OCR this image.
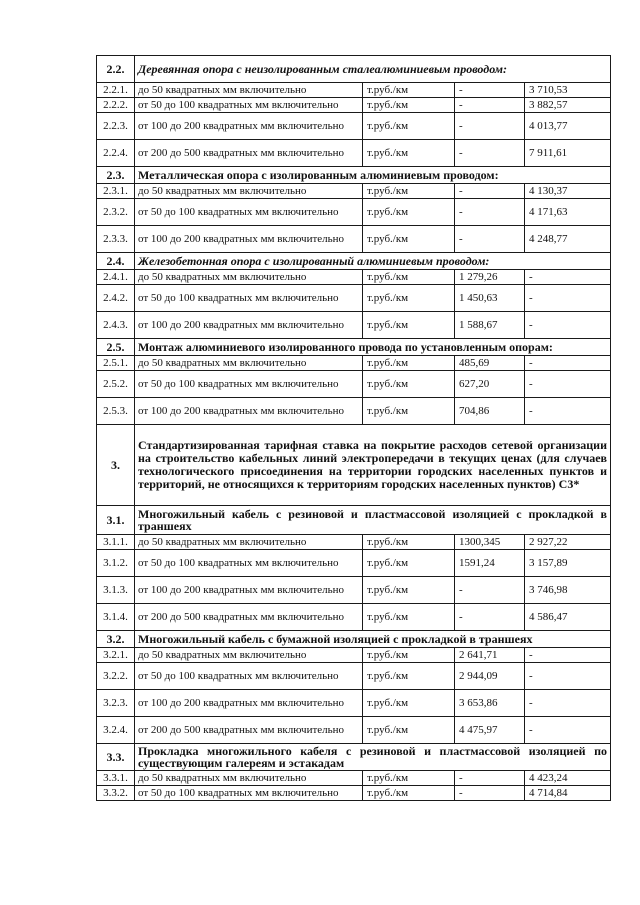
2.2.	Деревянная опора с неизолированным сталеалюминиевым проводом:			
2.2.1.	до 50 квадратных мм включительно	т.руб./км	-	3 710,53
2.2.2.	от 50 до 100 квадратных мм включительно	т.руб./км	-	3 882,57
2.2.3.	от 100 до 200 квадратных мм включительно	т.руб./км	-	4 013,77
2.2.4.	от 200 до 500 квадратных мм включительно	т.руб./км	-	7 911,61
2.3.	Металлическая опора с изолированным алюминиевым проводом:			
2.3.1.	до 50 квадратных мм включительно	т.руб./км	-	4 130,37
2.3.2.	от 50 до 100 квадратных мм включительно	т.руб./км	-	4 171,63
2.3.3.	от 100 до 200 квадратных мм включительно	т.руб./км	-	4 248,77
2.4.	Железобетонная опора с изолированный алюминиевым проводом:			
2.4.1.	до 50 квадратных мм включительно	т.руб./км	1 279,26	-
2.4.2.	от 50 до 100 квадратных мм включительно	т.руб./км	1 450,63	-
2.4.3.	от 100 до 200 квадратных мм включительно	т.руб./км	1 588,67	-
2.5.	Монтаж алюминиевого изолированного провода по установленным опорам:			
2.5.1.	до 50 квадратных мм включительно	т.руб./км	485,69	-
2.5.2.	от 50 до 100 квадратных мм включительно	т.руб./км	627,20	-
2.5.3.	от 100 до 200 квадратных мм включительно	т.руб./км	704,86	-
3.	Стандартизированная тарифная ставка на покрытие расходов сетевой организации на строительство кабельных линий электропередачи в текущих ценах (для случаев технологического присоединения на территории городских населенных пунктов и территорий, не относящихся к территориям городских населенных пунктов) С3*			
3.1.	Многожильный кабель с резиновой и пластмассовой изоляцией с прокладкой в траншеях			
3.1.1.	до 50 квадратных мм включительно	т.руб./км	1300,345	2 927,22
3.1.2.	от 50 до 100 квадратных мм включительно	т.руб./км	1591,24	3 157,89
3.1.3.	от 100 до 200 квадратных мм включительно	т.руб./км	-	3 746,98
3.1.4.	от 200 до 500 квадратных мм включительно	т.руб./км	-	4 586,47
3.2.	Многожильный кабель с бумажной изоляцией с прокладкой в траншеях			
3.2.1.	до 50 квадратных мм включительно	т.руб./км	2 641,71	-
3.2.2.	от 50 до 100 квадратных мм включительно	т.руб./км	2 944,09	-
3.2.3.	от 100 до 200 квадратных мм включительно	т.руб./км	3 653,86	-
3.2.4.	от 200 до 500 квадратных мм включительно	т.руб./км	4 475,97	-
3.3.	Прокладка многожильного кабеля с резиновой и пластмассовой изоляцией по существующим галереям и эстакадам			
3.3.1.	до 50 квадратных мм включительно	т.руб./км	-	4 423,24
3.3.2.	от 50 до 100 квадратных мм включительно	т.руб./км	-	4 714,84
